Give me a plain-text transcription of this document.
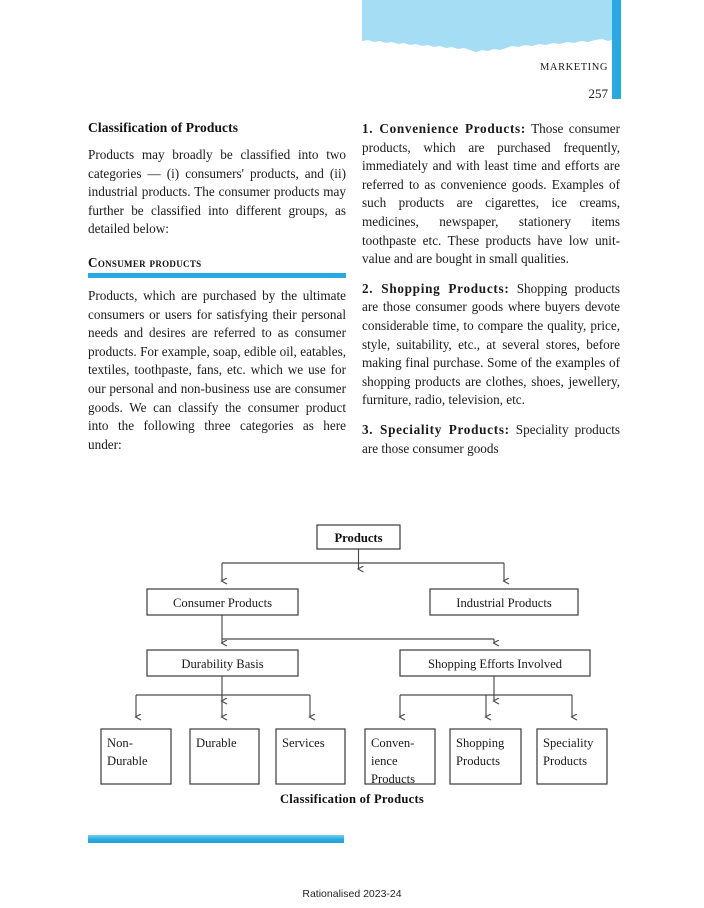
MARKETING
257
Classification of Products

Products may broadly be classified into two categories — (i) consumers' products, and (ii) industrial products. The consumer products may further be classified into different groups, as detailed below:

Consumer products

Products, which are purchased by the ultimate consumers or users for satisfying their personal needs and desires are referred to as consumer products. For example, soap, edible oil, eatables, textiles, toothpaste, fans, etc. which we use for our personal and non-business use are consumer goods. We can classify the consumer product into the following three categories as here under:

1. Convenience Products: Those consumer products, which are purchased frequently, immediately and with least time and efforts are referred to as convenience goods. Examples of such products are cigarettes, ice creams, medicines, newspaper, stationery items toothpaste etc. These products have low unit-value and are bought in small qualities.

2. Shopping Products: Shopping products are those consumer goods where buyers devote considerable time, to compare the quality, price, style, suitability, etc., at several stores, before making final purchase. Some of the examples of shopping products are clothes, shoes, jewellery, furniture, radio, television, etc.

3. Speciality Products: Speciality products are those consumer goods

Products
Consumer Products	Industrial Products
Durability Basis	Shopping Efforts Involved
Non-
Durable
Durable	Services	Conven-
ience
Products
Shopping
Products
Speciality
Products
Classification of Products
Rationalised 2023-24
